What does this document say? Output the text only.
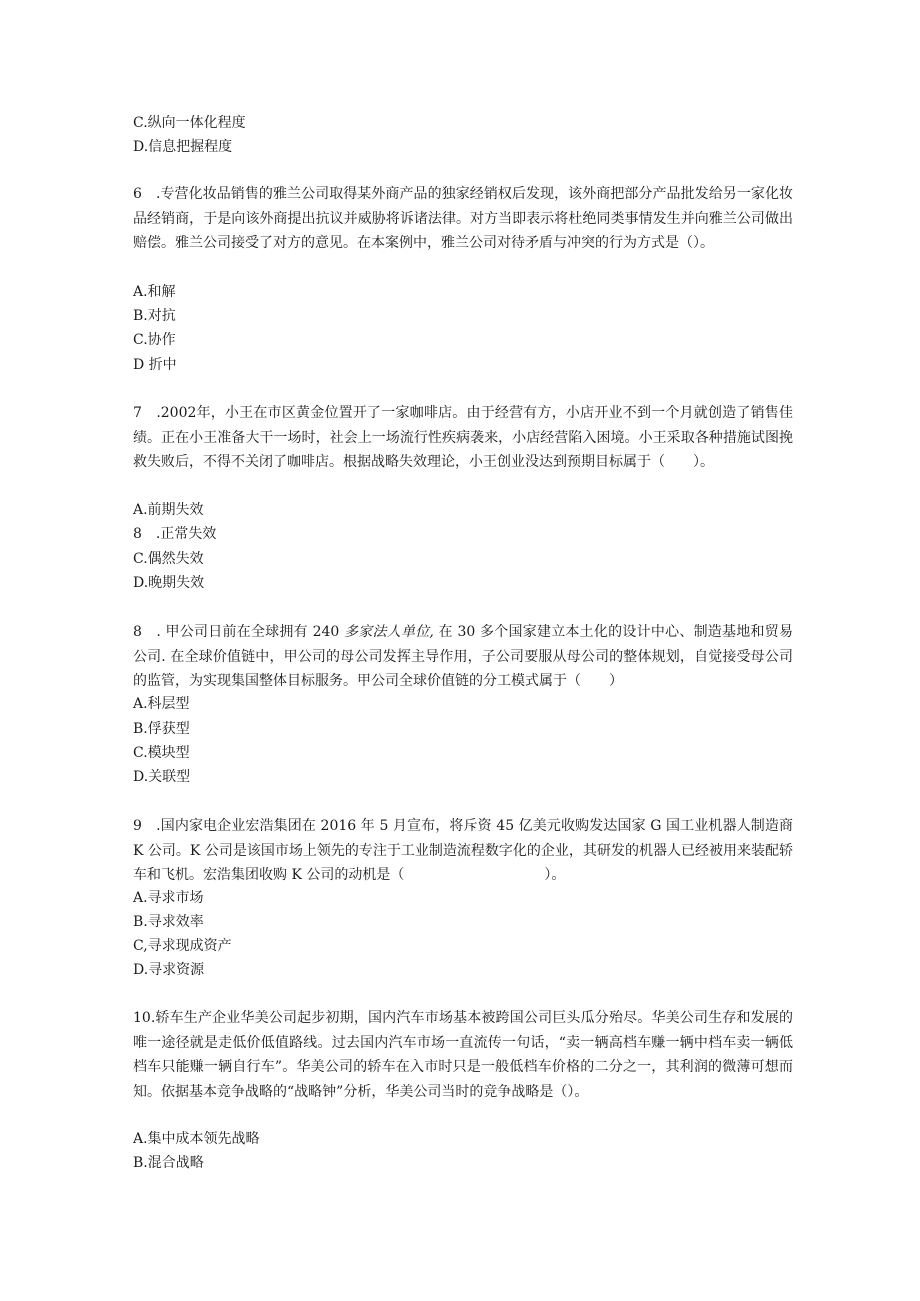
C.纵向一体化程度
D.信息把握程度
6　.专营化妆品销售的雅兰公司取得某外商产品的独家经销权后发现，该外商把部分产品批发给另一家化妆品经销商，于是向该外商提出抗议并威胁将诉诸法律。对方当即表示将杜绝同类事情发生并向雅兰公司做出赔偿。雅兰公司接受了对方的意见。在本案例中，雅兰公司对待矛盾与冲突的行为方式是（）。
A.和解
B.对抗
C.协作
D 折中
7　.2002年，小王在市区黄金位置开了一家咖啡店。由于经营有方，小店开业不到一个月就创造了销售佳绩。正在小王准备大干一场时，社会上一场流行性疾病袭来，小店经营陷入困境。小王采取各种措施试图挽救失败后，不得不关闭了咖啡店。根据战略失效理论，小王创业没达到预期目标属于（　　）。
A.前期失效
8　.正常失效
C.偶然失效
D.晚期失效
8　. 甲公司日前在全球拥有 240 多家法人单位, 在 30 多个国家建立本土化的设计中心、制造基地和贸易公司. 在全球价值链中，甲公司的母公司发挥主导作用，子公司要服从母公司的整体规划，自觉接受母公司的监管，为实现集国整体目标服务。甲公司全球价值链的分工模式属于（　　）
A.科层型
B.俘获型
C.模块型
D.关联型
9　.国内家电企业宏浩集团在 2016 年 5 月宣布，将斥资 45 亿美元收购发达国家 G 国工业机器人制造商 K 公司。K 公司是该国市场上领先的专注于工业制造流程数字化的企业，其研发的机器人已经被用来装配轿车和飞机。宏浩集团收购 K 公司的动机是（　　　　　　　　　　）。
A.寻求市场
B.寻求效率
C,寻求现成资产
D.寻求资源
10.轿车生产企业华美公司起步初期，国内汽车市场基本被跨国公司巨头瓜分殆尽。华美公司生存和发展的唯一途径就是走低价低值路线。过去国内汽车市场一直流传一句话，“卖一辆高档车赚一辆中档车卖一辆低档车只能赚一辆自行车”。华美公司的轿车在入市时只是一般低档车价格的二分之一，其利润的微薄可想而知。依据基本竞争战略的“战略钟”分析，华美公司当时的竞争战略是（）。
A.集中成本领先战略
B.混合战略
